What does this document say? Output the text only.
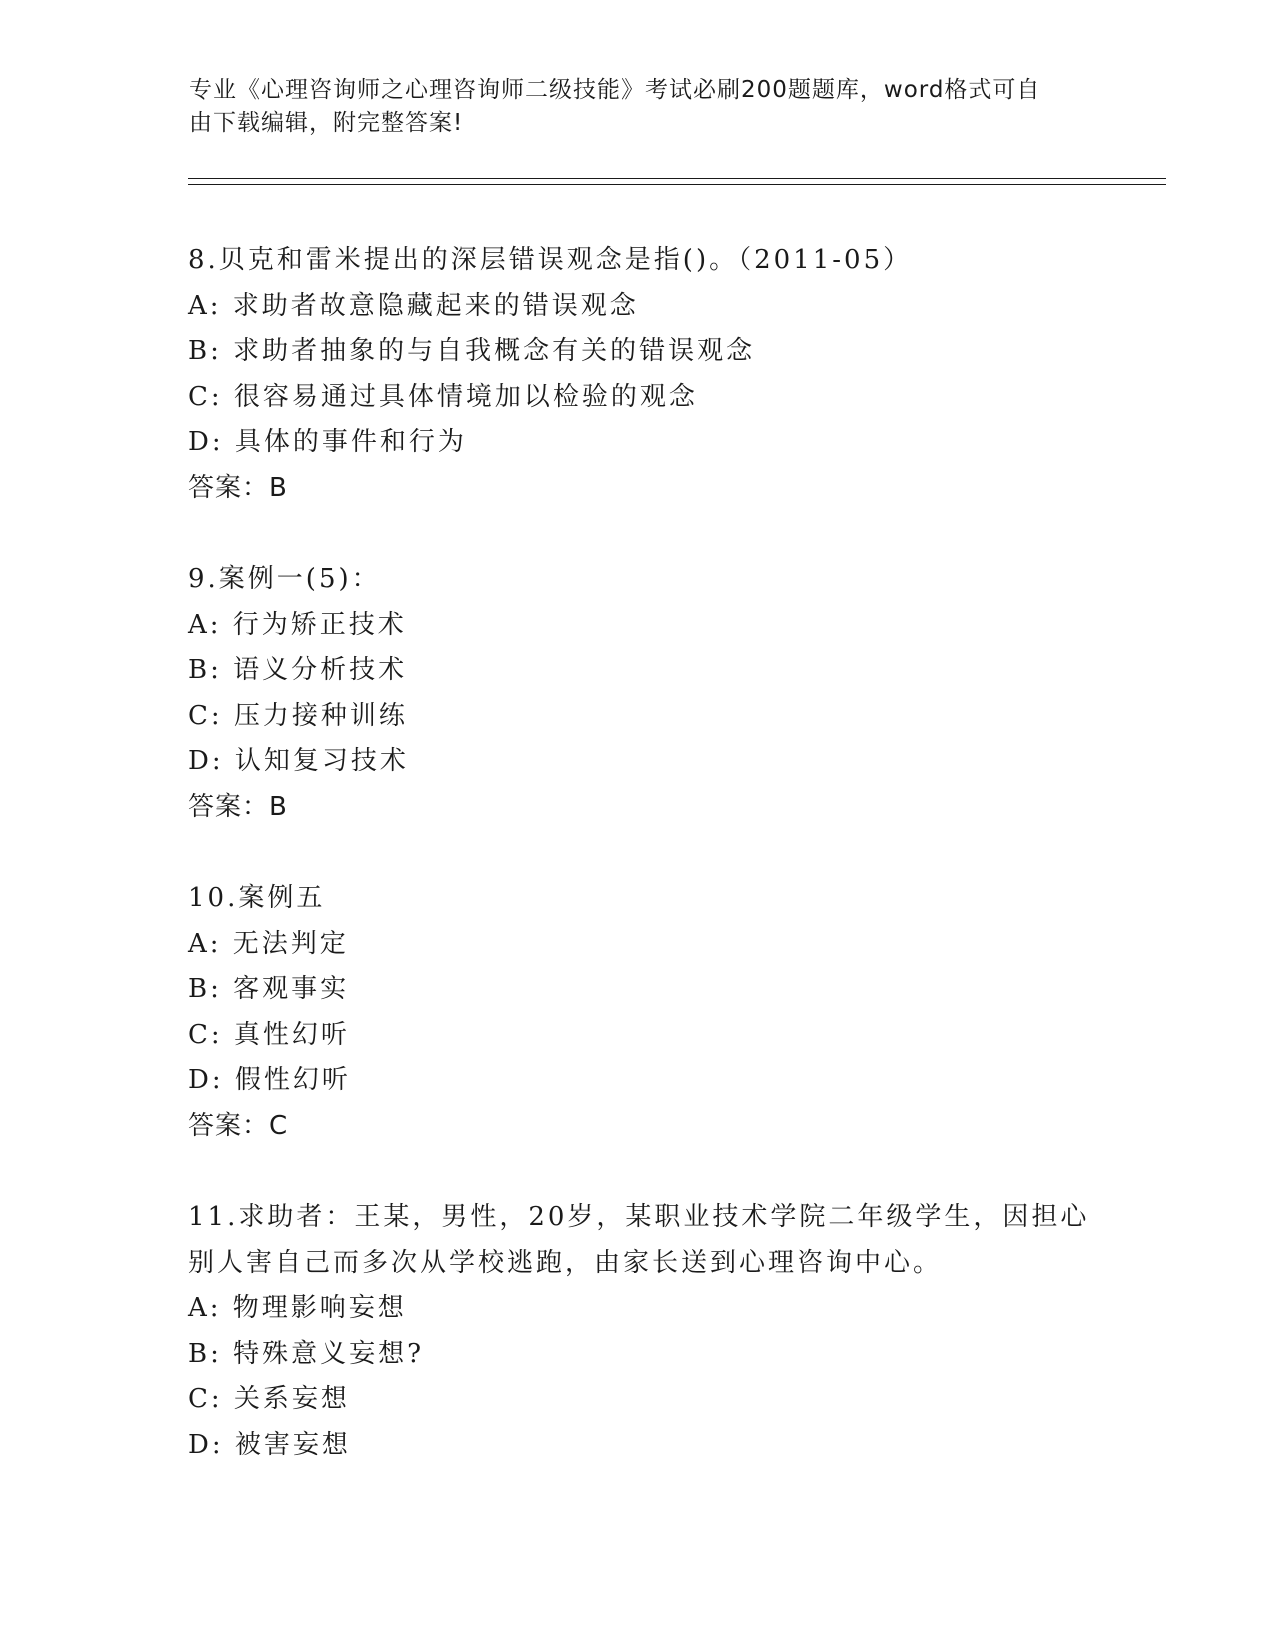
专业《心理咨询师之心理咨询师二级技能》考试必刷200题题库，word格式可自
由下载编辑，附完整答案!
8.贝克和雷米提出的深层错误观念是指()。（2011-05）
A: 求助者故意隐藏起来的错误观念
B: 求助者抽象的与自我概念有关的错误观念
C: 很容易通过具体情境加以检验的观念
D: 具体的事件和行为
答案：B
9.案例一(5)：
A: 行为矫正技术
B: 语义分析技术
C: 压力接种训练
D: 认知复习技术
答案：B
10.案例五
A: 无法判定
B: 客观事实
C: 真性幻听
D: 假性幻听
答案：C
11.求助者：王某，男性，20岁，某职业技术学院二年级学生，因担心
别人害自己而多次从学校逃跑，由家长送到心理咨询中心。
A: 物理影响妄想
B: 特殊意义妄想?
C: 关系妄想
D: 被害妄想
